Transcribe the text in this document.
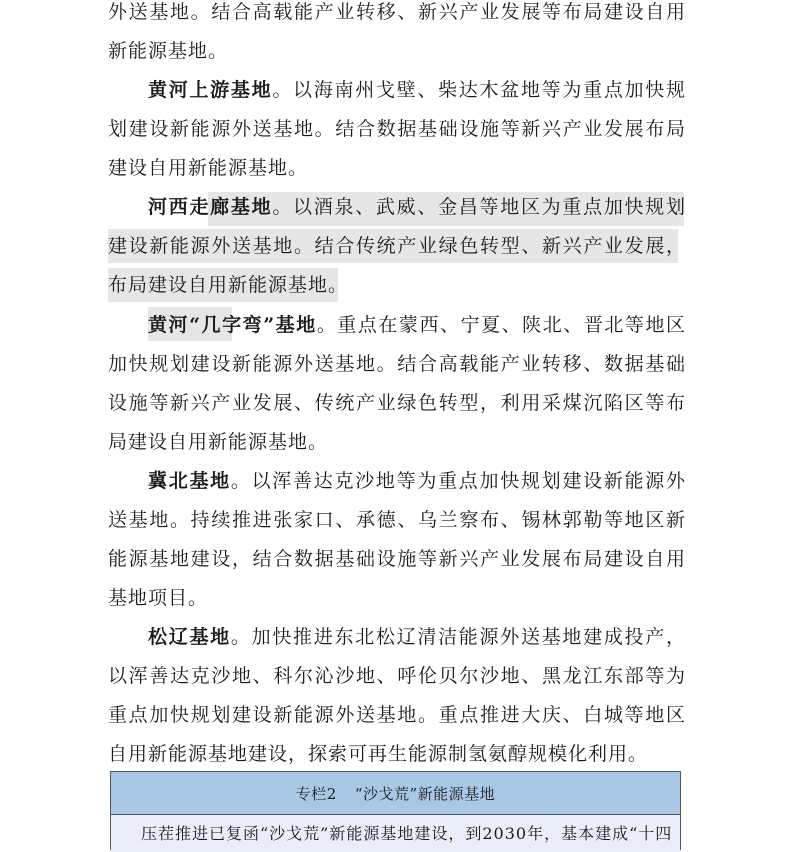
外送基地。结合高载能产业转移、新兴产业发展等布局建设自用新能源基地。

黄河上游基地。以海南州戈壁、柴达木盆地等为重点加快规划建设新能源外送基地。结合数据基础设施等新兴产业发展布局建设自用新能源基地。

河西走廊基地。以酒泉、武威、金昌等地区为重点加快规划建设新能源外送基地。结合传统产业绿色转型、新兴产业发展，布局建设自用新能源基地。

黄河“几字弯”基地。重点在蒙西、宁夏、陕北、晋北等地区加快规划建设新能源外送基地。结合高载能产业转移、数据基础设施等新兴产业发展、传统产业绿色转型，利用采煤沉陷区等布局建设自用新能源基地。

冀北基地。以浑善达克沙地等为重点加快规划建设新能源外送基地。持续推进张家口、承德、乌兰察布、锡林郭勒等地区新能源基地建设，结合数据基础设施等新兴产业发展布局建设自用基地项目。

松辽基地。加快推进东北松辽清洁能源外送基地建成投产，以浑善达克沙地、科尔沁沙地、呼伦贝尔沙地、黑龙江东部等为重点加快规划建设新能源外送基地。重点推进大庆、白城等地区自用新能源基地建设，探索可再生能源制氢氨醇规模化利用。

专栏2 “沙戈荒”新能源基地
压茬推进已复函“沙戈荒”新能源基地建设，到2030年，基本建成“十四
